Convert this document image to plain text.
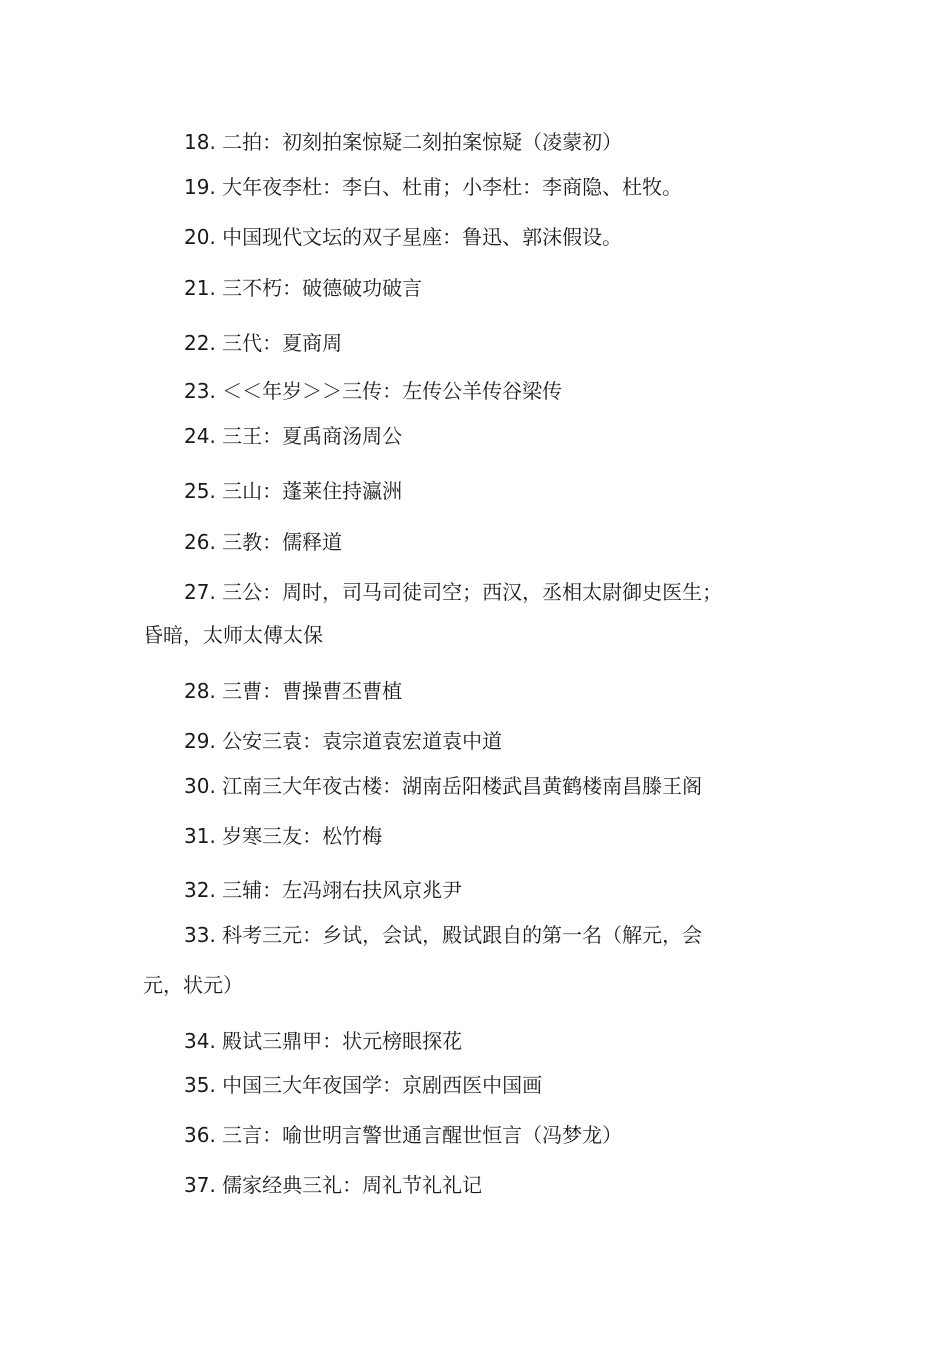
18. 二拍：初刻拍案惊疑二刻拍案惊疑（凌蒙初）
19. 大年夜李杜：李白、杜甫；小李杜：李商隐、杜牧。
20. 中国现代文坛的双子星座：鲁迅、郭沫假设。
21. 三不朽：破德破功破言
22. 三代：夏商周
23. ＜＜年岁＞＞三传：左传公羊传谷梁传
24. 三王：夏禹商汤周公
25. 三山：蓬莱住持瀛洲
26. 三教：儒释道
27. 三公：周时，司马司徒司空；西汉，丞相太尉御史医生；
昏暗，太师太傅太保
28. 三曹：曹操曹丕曹植
29. 公安三袁：袁宗道袁宏道袁中道
30. 江南三大年夜古楼：湖南岳阳楼武昌黄鹤楼南昌滕王阁
31. 岁寒三友：松竹梅
32. 三辅：左冯翊右扶风京兆尹
33. 科考三元：乡试，会试，殿试跟自的第一名（解元，会
元，状元）
34. 殿试三鼎甲：状元榜眼探花
35. 中国三大年夜国学：京剧西医中国画
36. 三言：喻世明言警世通言醒世恒言（冯梦龙）
37. 儒家经典三礼：周礼节礼礼记
